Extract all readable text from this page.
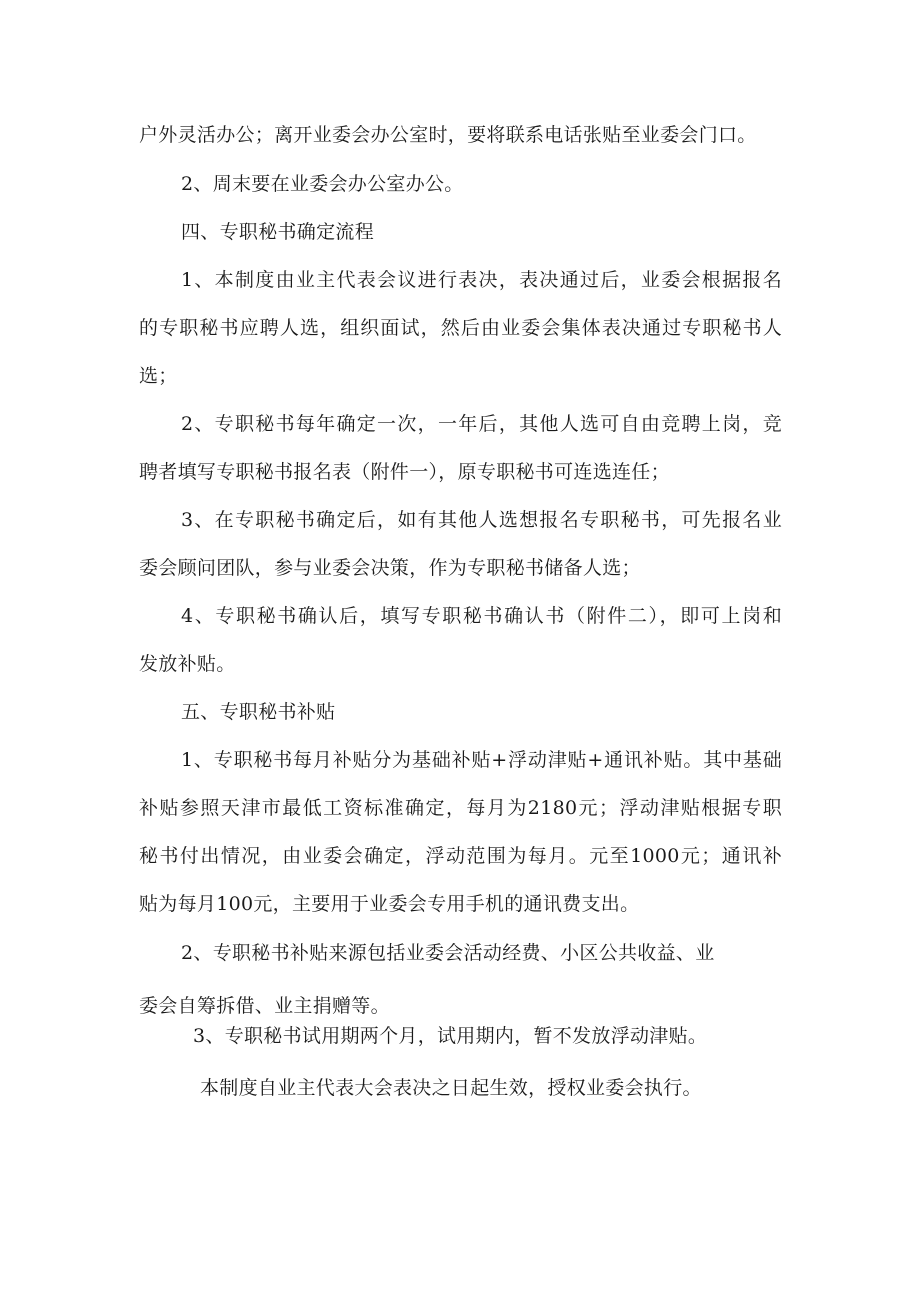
户外灵活办公；离开业委会办公室时，要将联系电话张贴至业委会门口。
2、周末要在业委会办公室办公。
四、专职秘书确定流程
1、本制度由业主代表会议进行表决，表决通过后，业委会根据报名
的专职秘书应聘人选，组织面试，然后由业委会集体表决通过专职秘书人
选；
2、专职秘书每年确定一次，一年后，其他人选可自由竞聘上岗，竞
聘者填写专职秘书报名表（附件一），原专职秘书可连选连任；
3、在专职秘书确定后，如有其他人选想报名专职秘书，可先报名业
委会顾问团队，参与业委会决策，作为专职秘书储备人选；
4、专职秘书确认后，填写专职秘书确认书（附件二），即可上岗和
发放补贴。
五、专职秘书补贴
1、专职秘书每月补贴分为基础补贴+浮动津贴+通讯补贴。其中基础
补贴参照天津市最低工资标准确定，每月为2180元；浮动津贴根据专职
秘书付出情况，由业委会确定，浮动范围为每月。元至1000元；通讯补
贴为每月100元，主要用于业委会专用手机的通讯费支出。
2、专职秘书补贴来源包括业委会活动经费、小区公共收益、业
委会自筹拆借、业主捐赠等。
3、专职秘书试用期两个月，试用期内，暂不发放浮动津贴。
本制度自业主代表大会表决之日起生效，授权业委会执行。
